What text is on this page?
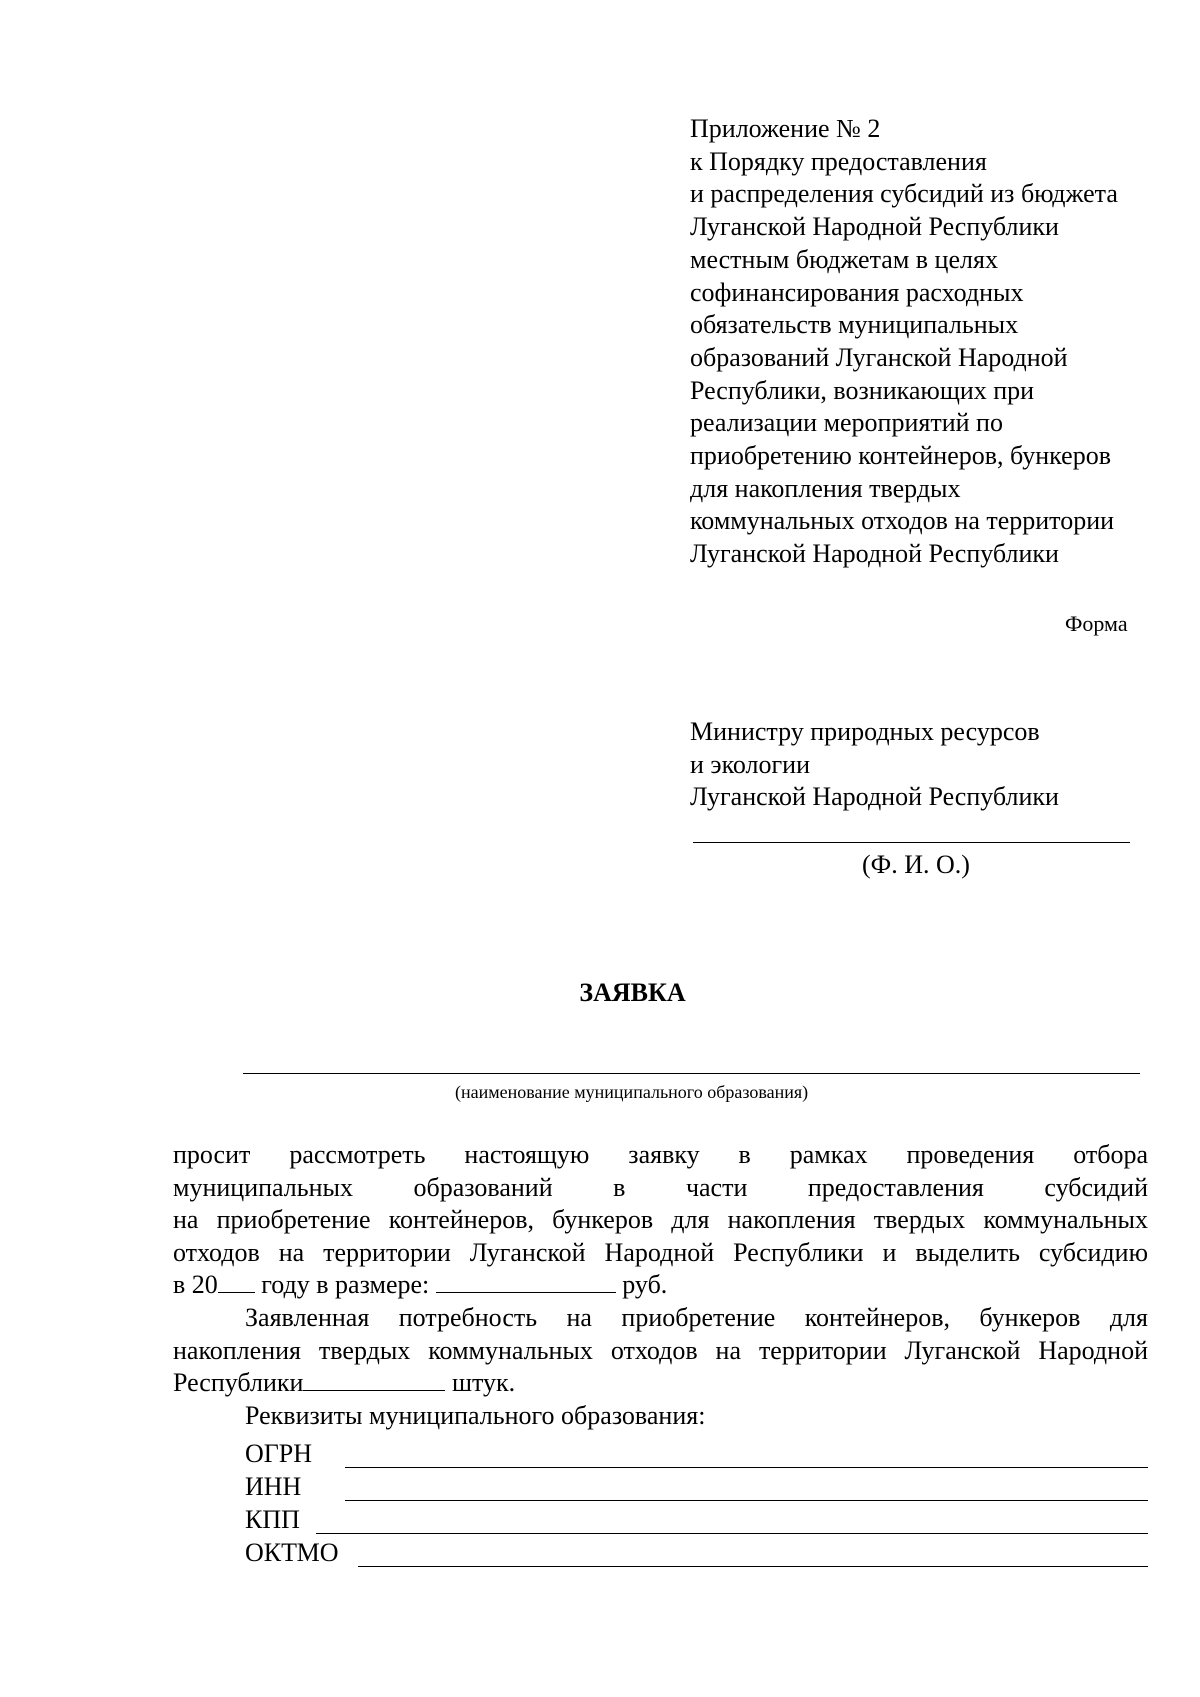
Приложение № 2
к Порядку предоставления
и распределения субсидий из бюджета
Луганской Народной Республики
местным бюджетам в целях
софинансирования расходных
обязательств муниципальных
образований Луганской Народной
Республики, возникающих при
реализации мероприятий по
приобретению контейнеров, бункеров
для накопления твердых
коммунальных отходов на территории
Луганской Народной Республики
Форма
Министру природных ресурсов
и экологии
Луганской Народной Республики
(Ф. И. О.)
ЗАЯВКА
(наименование муниципального образования)
просит рассмотреть настоящую заявку в рамках проведения отбора
муниципальных образований в части предоставления субсидий
на приобретение контейнеров, бункеров для накопления твердых коммунальных
отходов на территории Луганской Народной Республики и выделить субсидию
в 20 году в размере:	руб.
Заявленная потребность на приобретение контейнеров, бункеров для
накопления твердых коммунальных отходов на территории Луганской Народной
Республики	штук.
Реквизиты муниципального образования:
ОГРН
ИНН
КПП
ОКТМО
